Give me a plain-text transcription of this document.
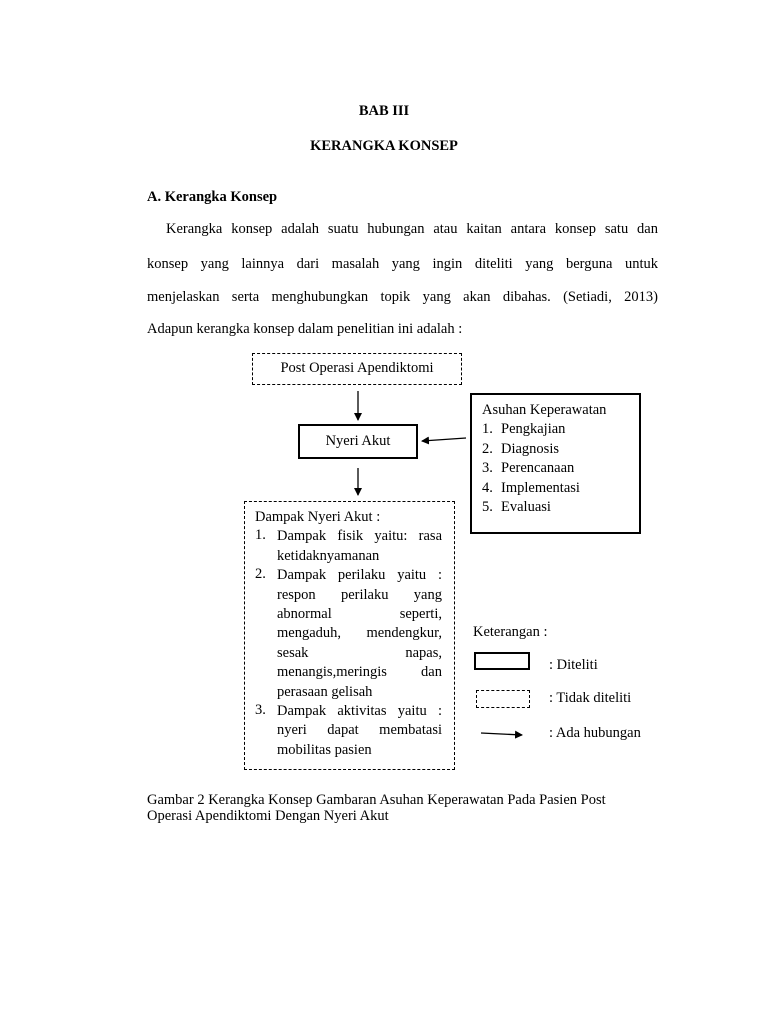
BAB III
KERANGKA KONSEP
A. Kerangka Konsep
Kerangka konsep adalah suatu hubungan atau kaitan antara konsep satu dan
konsep yang lainnya dari masalah yang ingin diteliti yang berguna untuk
menjelaskan serta menghubungkan topik yang akan dibahas. (Setiadi, 2013)
Adapun kerangka konsep dalam penelitian ini adalah :
Post Operasi Apendiktomi
Nyeri Akut
Asuhan Keperawatan
1. Pengkajian
2. Diagnosis
3. Perencanaan
4. Implementasi
5. Evaluasi
Dampak Nyeri Akut :
1. Dampak fisik yaitu: rasa
ketidaknyamanan
2. Dampak perilaku yaitu :
respon perilaku yang
abnormal seperti,
mengaduh, mendengkur,
sesak napas,
menangis,meringis dan
perasaan gelisah
3. Dampak aktivitas yaitu :
nyeri dapat membatasi
mobilitas pasien
Keterangan :
: Diteliti
: Tidak diteliti
: Ada hubungan
Gambar 2 Kerangka Konsep Gambaran Asuhan Keperawatan Pada Pasien Post
Operasi Apendiktomi Dengan Nyeri Akut
